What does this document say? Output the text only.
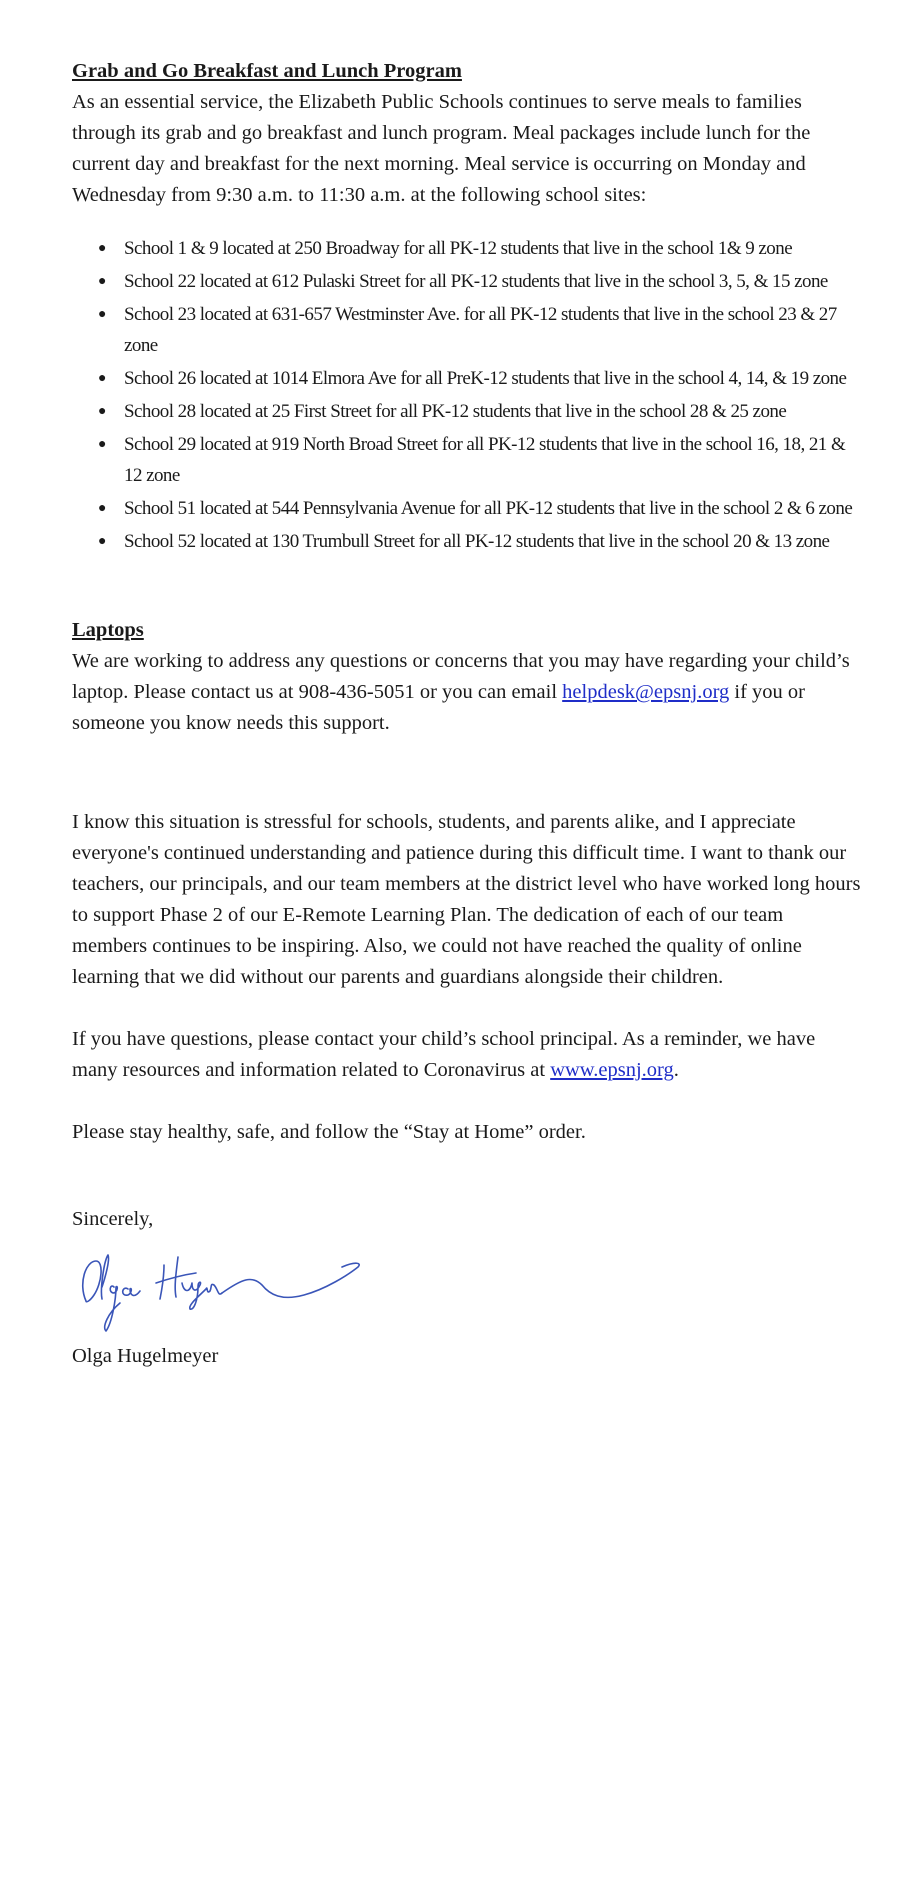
Grab and Go Breakfast and Lunch Program

As an essential service, the Elizabeth Public Schools continues to serve meals to families through its grab and go breakfast and lunch program. Meal packages include lunch for the current day and breakfast for the next morning. Meal service is occurring on Monday and Wednesday from 9:30 a.m. to 11:30 a.m. at the following school sites:

● School 1 & 9 located at 250 Broadway for all PK-12 students that live in the school 1& 9 zone
● School 22 located at 612 Pulaski Street for all PK-12 students that live in the school 3, 5, & 15 zone
● School 23 located at 631-657 Westminster Ave. for all PK-12 students that live in the school 23 & 27 zone
● School 26 located at 1014 Elmora Ave for all PreK-12 students that live in the school 4, 14, & 19 zone
● School 28 located at 25 First Street for all PK-12 students that live in the school 28 & 25 zone
● School 29 located at 919 North Broad Street for all PK-12 students that live in the school 16, 18, 21 & 12 zone
● School 51 located at 544 Pennsylvania Avenue for all PK-12 students that live in the school 2 & 6 zone
● School 52 located at 130 Trumbull Street for all PK-12 students that live in the school 20 & 13 zone
Laptops

We are working to address any questions or concerns that you may have regarding your child’s laptop. Please contact us at 908-436-5051 or you can email helpdesk@epsnj.org if you or someone you know needs this support.

I know this situation is stressful for schools, students, and parents alike, and I appreciate everyone's continued understanding and patience during this difficult time. I want to thank our teachers, our principals, and our team members at the district level who have worked long hours to support Phase 2 of our E-Remote Learning Plan. The dedication of each of our team members continues to be inspiring. Also, we could not have reached the quality of online learning that we did without our parents and guardians alongside their children.

If you have questions, please contact your child’s school principal. As a reminder, we have many resources and information related to Coronavirus at www.epsnj.org.

Please stay healthy, safe, and follow the “Stay at Home” order.

Sincerely,

Olga Hugelmeyer
